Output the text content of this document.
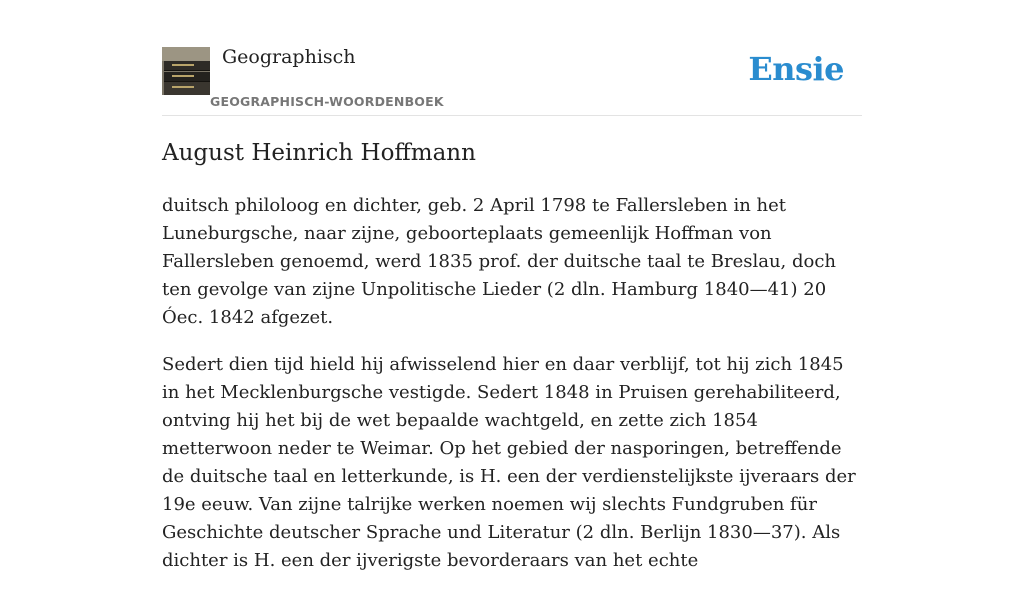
Geographisch
GEOGRAPHISCH-WOORDENBOEK
Ensie
August Heinrich Hoffmann

duitsch philoloog en dichter, geb. 2 April 1798 te Fallersleben in het Luneburgsche, naar zijne, geboorteplaats gemeenlijk Hoffman von Fallersleben genoemd, werd 1835 prof. der duitsche taal te Breslau, doch ten gevolge van zijne Unpolitische Lieder (2 dln. Hamburg 1840—41) 20 Óec. 1842 afgezet.

Sedert dien tijd hield hij afwisselend hier en daar verblijf, tot hij zich 1845 in het Mecklenburgsche vestigde. Sedert 1848 in Pruisen gerehabiliteerd, ontving hij het bij de wet bepaalde wachtgeld, en zette zich 1854 metterwoon neder te Weimar. Op het gebied der nasporingen, betreffende de duitsche taal en letterkunde, is H. een der verdienstelijkste ijveraars der 19e eeuw. Van zijne talrijke werken noemen wij slechts Fundgruben für Geschichte deutscher Sprache und Literatur (2 dln. Berlijn 1830—37). Als dichter is H. een der ijverigste bevorderaars van het echte
